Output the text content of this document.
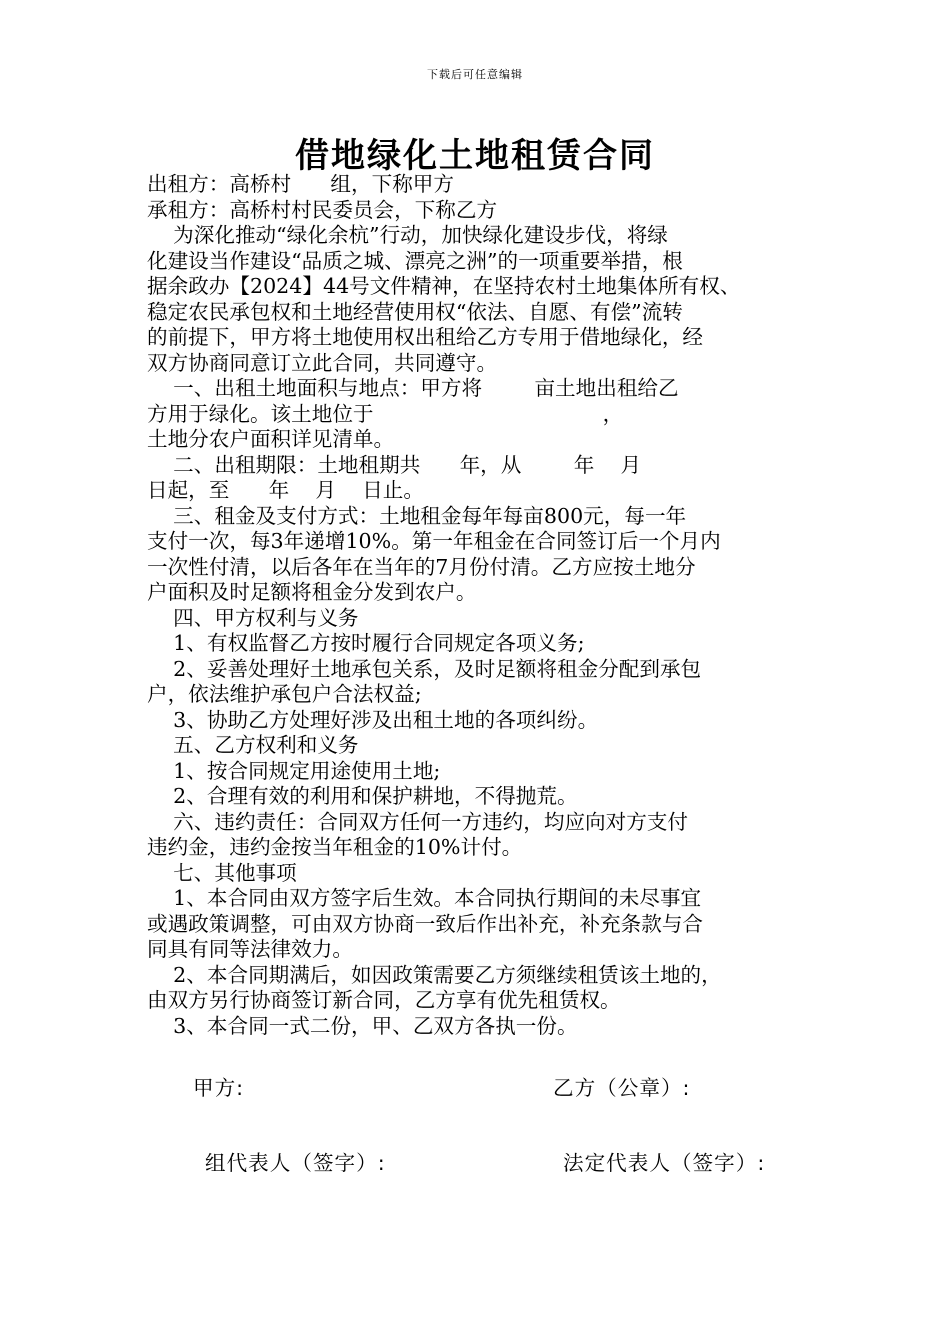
下载后可任意编辑
借地绿化土地租赁合同
出租方：高桥村      组，下称甲方
承租方：高桥村村民委员会，下称乙方
为深化推动“绿化余杭”行动，加快绿化建设步伐，将绿
化建设当作建设“品质之城、漂亮之洲”的一项重要举措，根
据余政办【2024】44号文件精神，在坚持农村土地集体所有权、
稳定农民承包权和土地经营使用权“依法、自愿、有偿”流转
的前提下，甲方将土地使用权出租给乙方专用于借地绿化，经
双方协商同意订立此合同，共同遵守。
一、出租土地面积与地点：甲方将        亩土地出租给乙
方用于绿化。该土地位于                                   ，
土地分农户面积详见清单。
二、出租期限：土地租期共      年，从        年    月
日起，至      年    月    日止。
三、租金及支付方式：土地租金每年每亩800元，每一年
支付一次，每3年递增10%。第一年租金在合同签订后一个月内
一次性付清，以后各年在当年的7月份付清。乙方应按土地分
户面积及时足额将租金分发到农户。
四、甲方权利与义务
1、有权监督乙方按时履行合同规定各项义务;
2、妥善处理好土地承包关系，及时足额将租金分配到承包
户，依法维护承包户合法权益;
3、协助乙方处理好涉及出租土地的各项纠纷。
五、乙方权利和义务
1、按合同规定用途使用土地;
2、合理有效的利用和保护耕地，不得抛荒。
六、违约责任：合同双方任何一方违约，均应向对方支付
违约金，违约金按当年租金的10%计付。
七、其他事项
1、本合同由双方签字后生效。本合同执行期间的未尽事宜
或遇政策调整，可由双方协商一致后作出补充，补充条款与合
同具有同等法律效力。
2、本合同期满后，如因政策需要乙方须继续租赁该土地的，
由双方另行协商签订新合同，乙方享有优先租赁权。
3、本合同一式二份，甲、乙双方各执一份。
甲方:	乙方（公章）:
组代表人（签字）:	法定代表人（签字）:
